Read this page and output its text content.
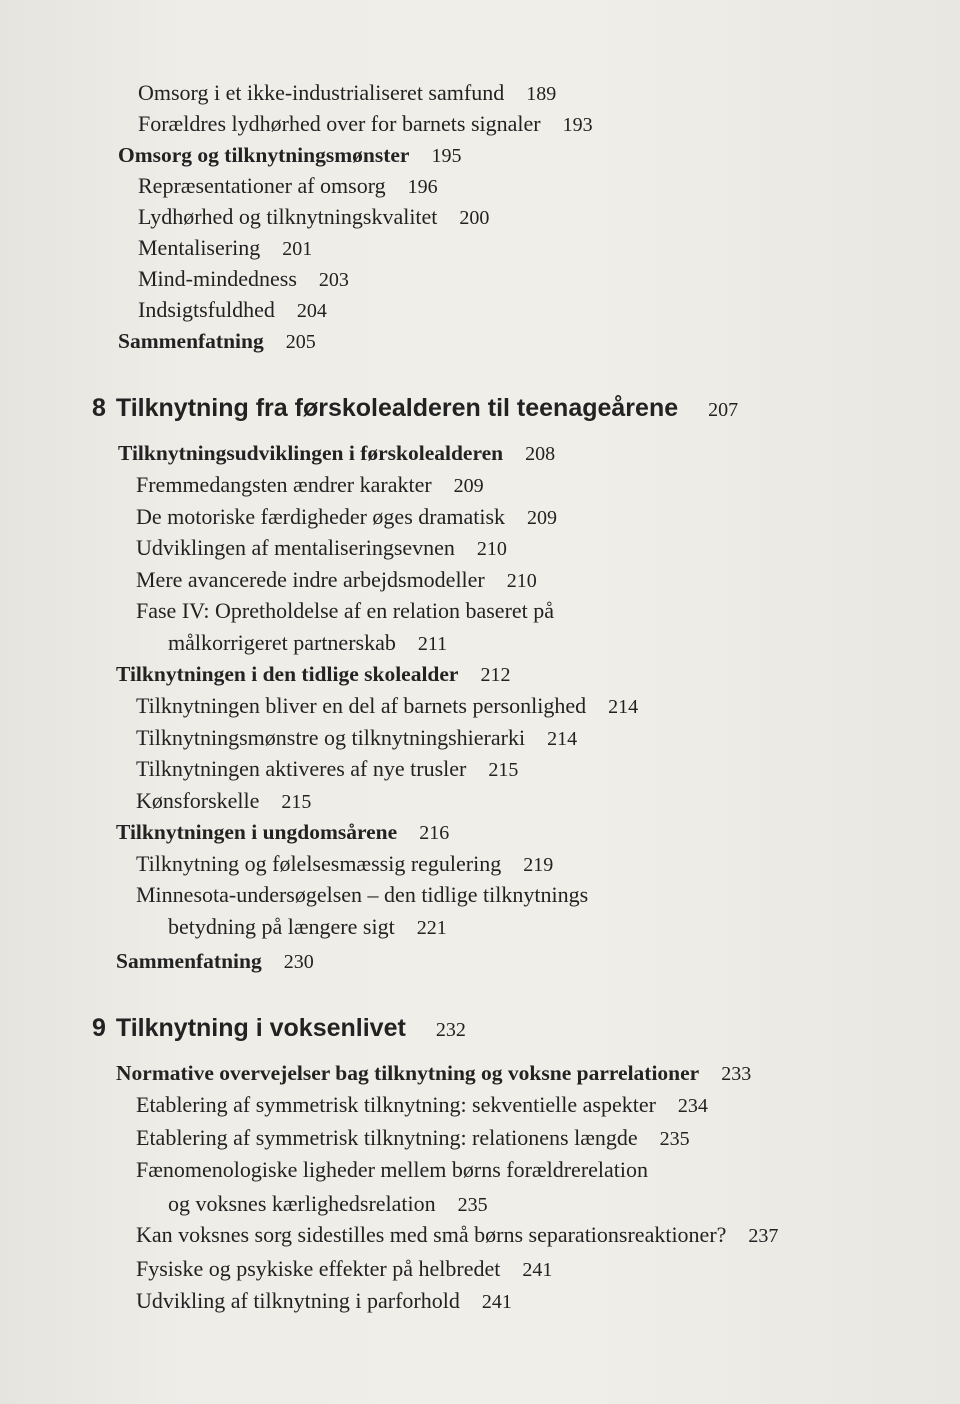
Omsorg i et ikke-industrialiseret samfund 189
Forældres lydhørhed over for barnets signaler 193
Omsorg og tilknytningsmønster 195
Repræsentationer af omsorg 196
Lydhørhed og tilknytningskvalitet 200
Mentalisering 201
Mind-mindedness 203
Indsigtsfuldhed 204
Sammenfatning 205
8 Tilknytning fra førskolealderen til teenageårene 207
Tilknytningsudviklingen i førskolealderen 208
Fremmedangsten ændrer karakter 209
De motoriske færdigheder øges dramatisk 209
Udviklingen af mentaliseringsevnen 210
Mere avancerede indre arbejdsmodeller 210
Fase IV: Opretholdelse af en relation baseret på
målkorrigeret partnerskab 211
Tilknytningen i den tidlige skolealder 212
Tilknytningen bliver en del af barnets personlighed 214
Tilknytningsmønstre og tilknytningshierarki 214
Tilknytningen aktiveres af nye trusler 215
Kønsforskelle 215
Tilknytningen i ungdomsårene 216
Tilknytning og følelsesmæssig regulering 219
Minnesota-undersøgelsen – den tidlige tilknytnings
betydning på længere sigt 221
Sammenfatning 230
9 Tilknytning i voksenlivet 232
Normative overvejelser bag tilknytning og voksne parrelationer 233
Etablering af symmetrisk tilknytning: sekventielle aspekter 234
Etablering af symmetrisk tilknytning: relationens længde 235
Fænomenologiske ligheder mellem børns forældrerelation
og voksnes kærlighedsrelation 235
Kan voksnes sorg sidestilles med små børns separationsreaktioner? 237
Fysiske og psykiske effekter på helbredet 241
Udvikling af tilknytning i parforhold 241
